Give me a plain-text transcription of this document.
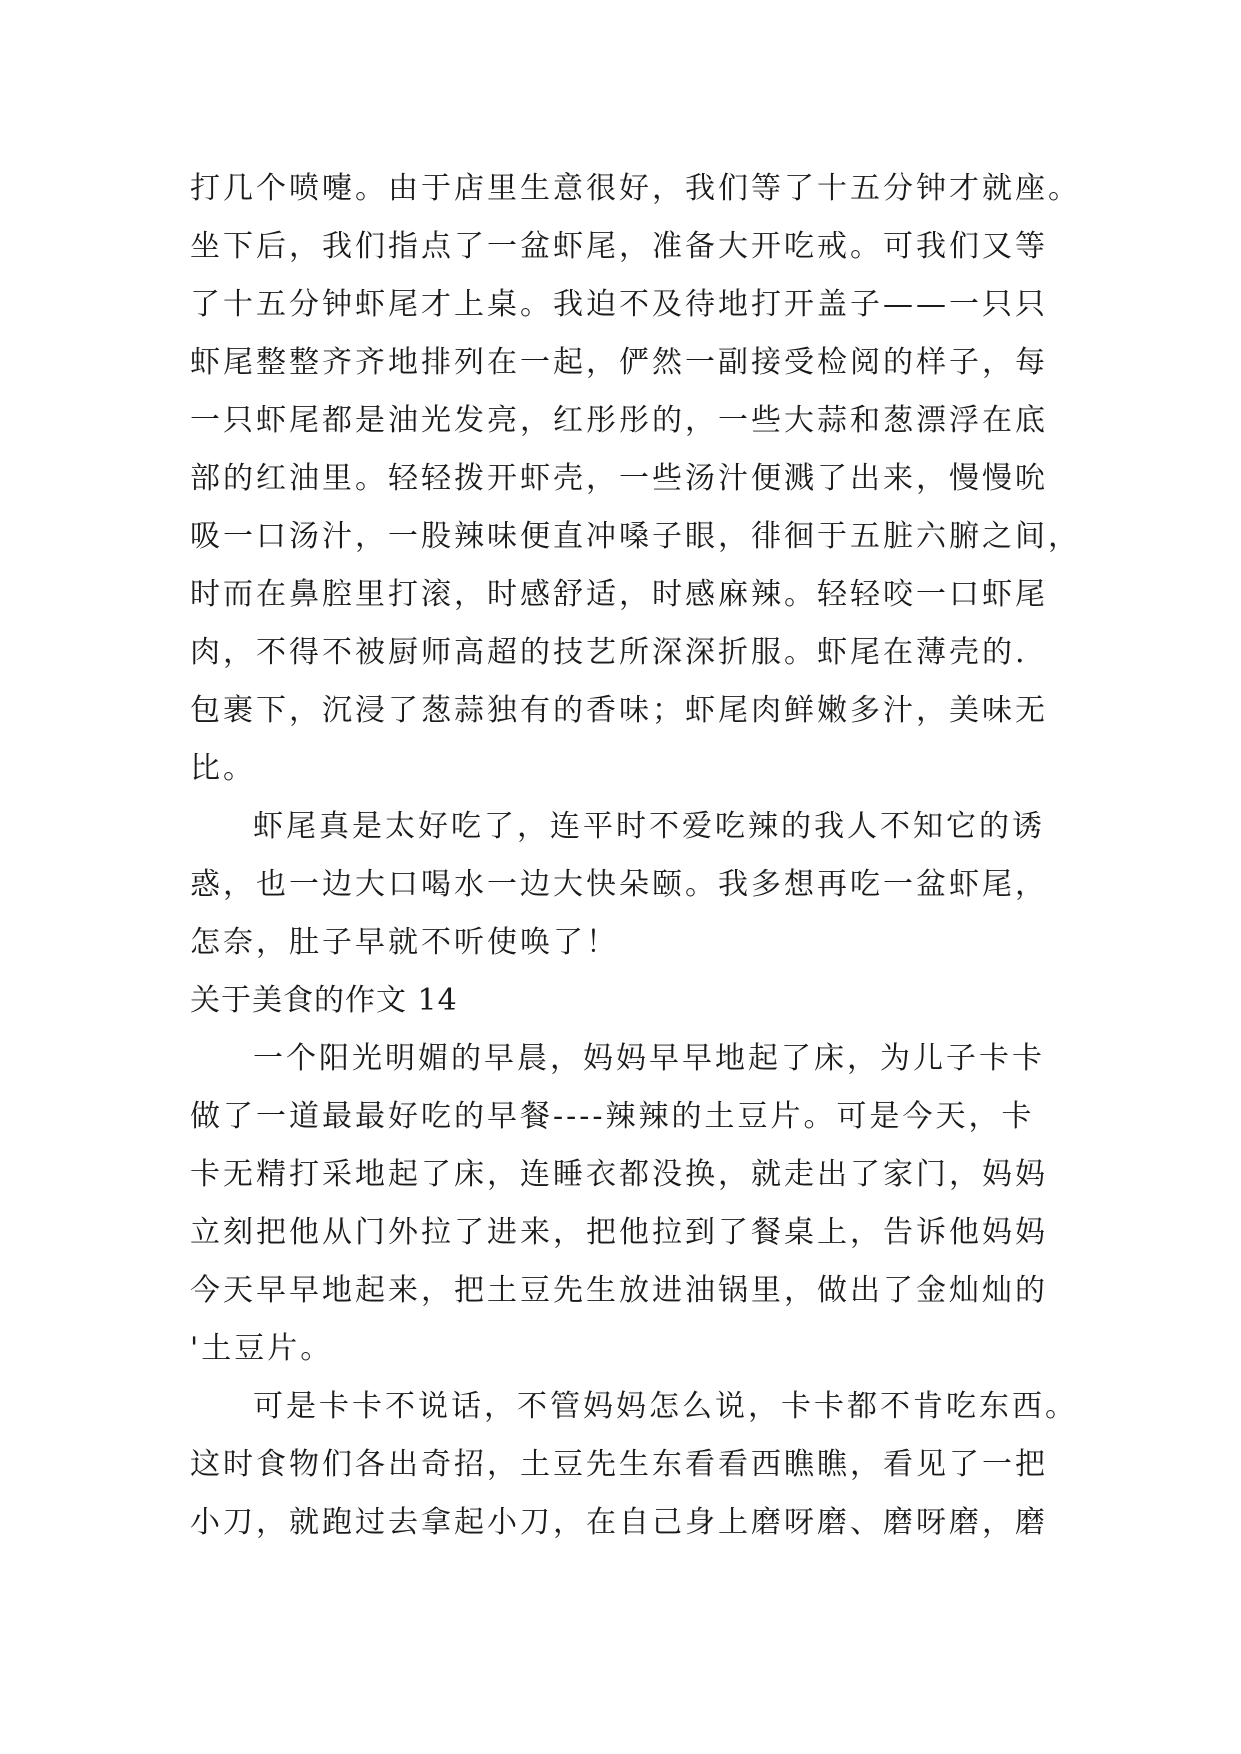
打几个喷嚏。由于店里生意很好，我们等了十五分钟才就座。
坐下后，我们指点了一盆虾尾，准备大开吃戒。可我们又等
了十五分钟虾尾才上桌。我迫不及待地打开盖子——一只只
虾尾整整齐齐地排列在一起，俨然一副接受检阅的样子，每
一只虾尾都是油光发亮，红彤彤的，一些大蒜和葱漂浮在底
部的红油里。轻轻拨开虾壳，一些汤汁便溅了出来，慢慢吮
吸一口汤汁，一股辣味便直冲嗓子眼，徘徊于五脏六腑之间，
时而在鼻腔里打滚，时感舒适，时感麻辣。轻轻咬一口虾尾
肉，不得不被厨师高超的技艺所深深折服。虾尾在薄壳的.
包裹下，沉浸了葱蒜独有的香味；虾尾肉鲜嫩多汁，美味无
比。
虾尾真是太好吃了，连平时不爱吃辣的我人不知它的诱
惑，也一边大口喝水一边大快朵颐。我多想再吃一盆虾尾，
怎奈，肚子早就不听使唤了！
关于美食的作文 14
一个阳光明媚的早晨，妈妈早早地起了床，为儿子卡卡
做了一道最最好吃的早餐----辣辣的土豆片。可是今天，卡
卡无精打采地起了床，连睡衣都没换，就走出了家门，妈妈
立刻把他从门外拉了进来，把他拉到了餐桌上，告诉他妈妈
今天早早地起来，把土豆先生放进油锅里，做出了金灿灿的
'土豆片。
可是卡卡不说话，不管妈妈怎么说，卡卡都不肯吃东西。
这时食物们各出奇招，土豆先生东看看西瞧瞧，看见了一把
小刀，就跑过去拿起小刀，在自己身上磨呀磨、磨呀磨，磨
